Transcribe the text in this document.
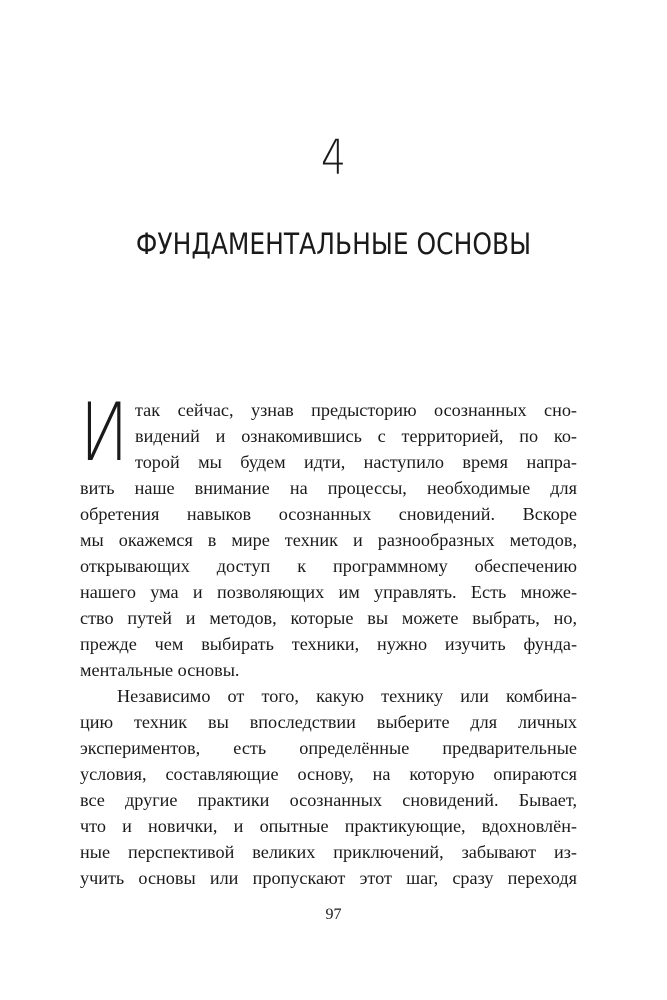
4
ФУНДАМЕНТАЛЬНЫЕ ОСНОВЫ
И так сейчас, узнав предысторию осознанных сно-
видений и ознакомившись с территорией, по ко-
торой мы будем идти, наступило время напра-
вить наше внимание на процессы, необходимые для
обретения навыков осознанных сновидений. Вскоре
мы окажемся в мире техник и разнообразных методов,
открывающих доступ к программному обеспечению
нашего ума и позволяющих им управлять. Есть множе-
ство путей и методов, которые вы можете выбрать, но,
прежде чем выбирать техники, нужно изучить фунда-
ментальные основы.
Независимо от того, какую технику или комбина-
цию техник вы впоследствии выберите для личных
экспериментов, есть определённые предварительные
условия, составляющие основу, на которую опираются
все другие практики осознанных сновидений. Бывает,
что и новички, и опытные практикующие, вдохновлён-
ные перспективой великих приключений, забывают из-
учить основы или пропускают этот шаг, сразу переходя
97
